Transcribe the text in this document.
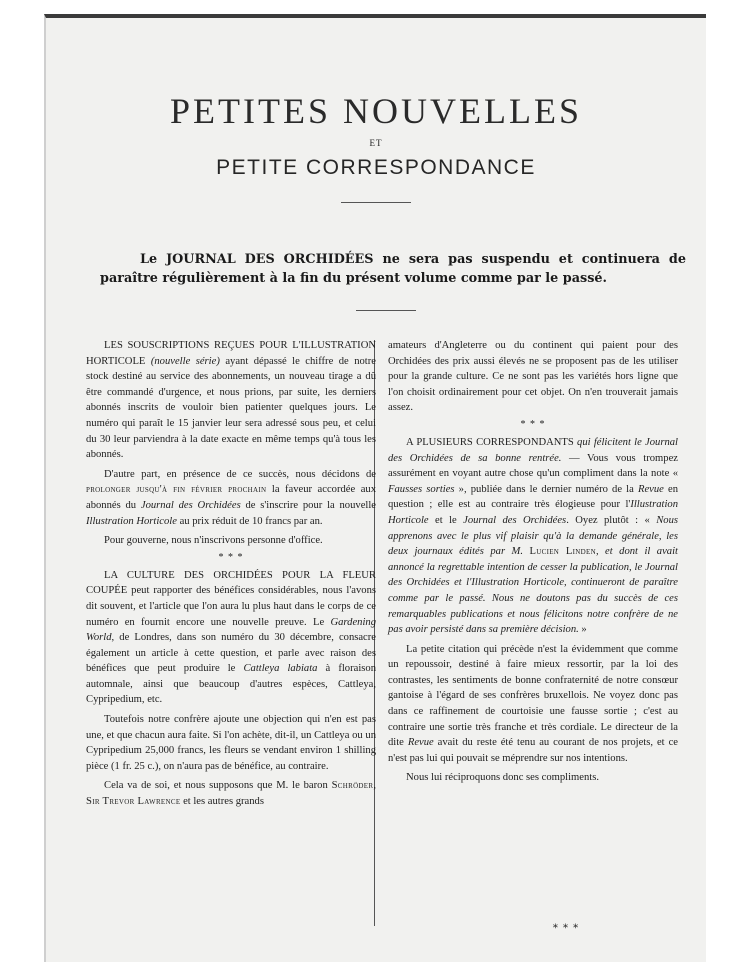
PETITES NOUVELLES
ET
PETITE CORRESPONDANCE
Le JOURNAL DES ORCHIDÉES ne sera pas suspendu et continuera de paraître régulièrement à la fin du présent volume comme par le passé.

LES SOUSCRIPTIONS REÇUES POUR L'ILLUSTRATION HORTICOLE (nouvelle série) ayant dépassé le chiffre de notre stock destiné au service des abonnements, un nouveau tirage a dû être commandé d'urgence, et nous prions, par suite, les derniers abonnés inscrits de vouloir bien patienter quelques jours. Le numéro qui paraît le 15 janvier leur sera adressé sous peu, et celui du 30 leur parviendra à la date exacte en même temps qu'à tous les abonnés.

D'autre part, en présence de ce succès, nous décidons de prolonger jusqu'à fin février prochain la faveur accordée aux abonnés du Journal des Orchidées de s'inscrire pour la nouvelle Illustration Horticole au prix réduit de 10 francs par an.

Pour gouverne, nous n'inscrivons personne d'office.

* * *

LA CULTURE DES ORCHIDÉES POUR LA FLEUR COUPÉE peut rapporter des bénéfices considérables, nous l'avons dit souvent, et l'article que l'on aura lu plus haut dans le corps de ce numéro en fournit encore une nouvelle preuve. Le Gardening World, de Londres, dans son numéro du 30 décembre, consacre également un article à cette question, et parle avec raison des bénéfices que peut produire le Cattleya labiata à floraison automnale, ainsi que beaucoup d'autres espèces, Cattleya, Cypripedium, etc.

Toutefois notre confrère ajoute une objection qui n'en est pas une, et que chacun aura faite. Si l'on achète, dit-il, un Cattleya ou un Cypripedium 25,000 francs, les fleurs se vendant environ 1 shilling pièce (1 fr. 25 c.), on n'aura pas de bénéfice, au contraire.

Cela va de soi, et nous supposons que M. le baron Schröder, Sir Trevor Lawrence et les autres grands

amateurs d'Angleterre ou du continent qui paient pour des Orchidées des prix aussi élevés ne se proposent pas de les utiliser pour la grande culture. Ce ne sont pas les variétés hors ligne que l'on choisit ordinairement pour cet objet. On n'en trouverait jamais assez.

* * *

A PLUSIEURS CORRESPONDANTS qui félicitent le Journal des Orchidées de sa bonne rentrée. — Vous vous trompez assurément en voyant autre chose qu'un compliment dans la note « Fausses sorties », publiée dans le dernier numéro de la Revue en question ; elle est au contraire très élogieuse pour l'Illustration Horticole et le Journal des Orchidées. Oyez plutôt : « Nous apprenons avec le plus vif plaisir qu'à la demande générale, les deux journaux édités par M. Lucien Linden, et dont il avait annoncé la regrettable intention de cesser la publication, le Journal des Orchidées et l'Illustration Horticole, continueront de paraître comme par le passé. Nous ne doutons pas du succès de ces remarquables publications et nous félicitons notre confrère de ne pas avoir persisté dans sa première décision. »

La petite citation qui précède n'est la évidemment que comme un repoussoir, destiné à faire mieux ressortir, par la loi des contrastes, les sentiments de bonne confraternité de notre consœur gantoise à l'égard de ses confrères bruxellois. Ne voyez donc pas dans ce raffinement de courtoisie une fausse sortie ; c'est au contraire une sortie très franche et très cordiale. Le directeur de la dite Revue avait du reste été tenu au courant de nos projets, et ce n'est pas lui qui pouvait se méprendre sur nos intentions.

Nous lui réciproquons donc ses compliments.

* * *
